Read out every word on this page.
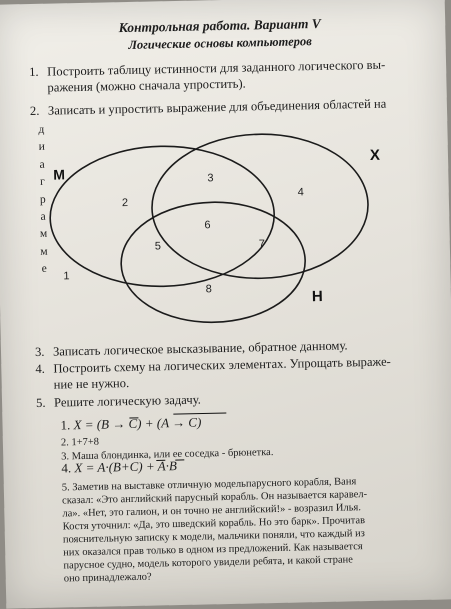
Контрольная работа. Вариант V
Логические основы компьютеров
1. Построить таблицу истинности для заданного логического вы-
ражения (можно сначала упростить).
2. Записать и упростить выражение для объединения областей на
д
и
а
г
р
а
м
м
е
M
X
H
1
2
3
4
5
6
7
8
3. Записать логическое высказывание, обратное данному.
4. Построить схему на логических элементах. Упрощать выраже-
ние не нужно.
5. Решите логическую задачу.
1. X = (B → C) + (A → C)
2. 1+7+8
3. Маша блондинка, или ее соседка - брюнетка.
4. X = A·(B+C) + A·B
5. Заметив на выставке отличную модельпарусного корабля, Ваня
сказал: «Это английский парусный корабль. Он называется каравел-
ла». «Нет, это галион, и он точно не английский!» - возразил Илья.
Костя уточнил: «Да, это шведский корабль. Но это барк». Прочитав
пояснительную записку к модели, мальчики поняли, что каждый из
них оказался прав только в одном из предложений. Как называется
парусное судно, модель которого увидели ребята, и какой стране
оно принадлежало?
